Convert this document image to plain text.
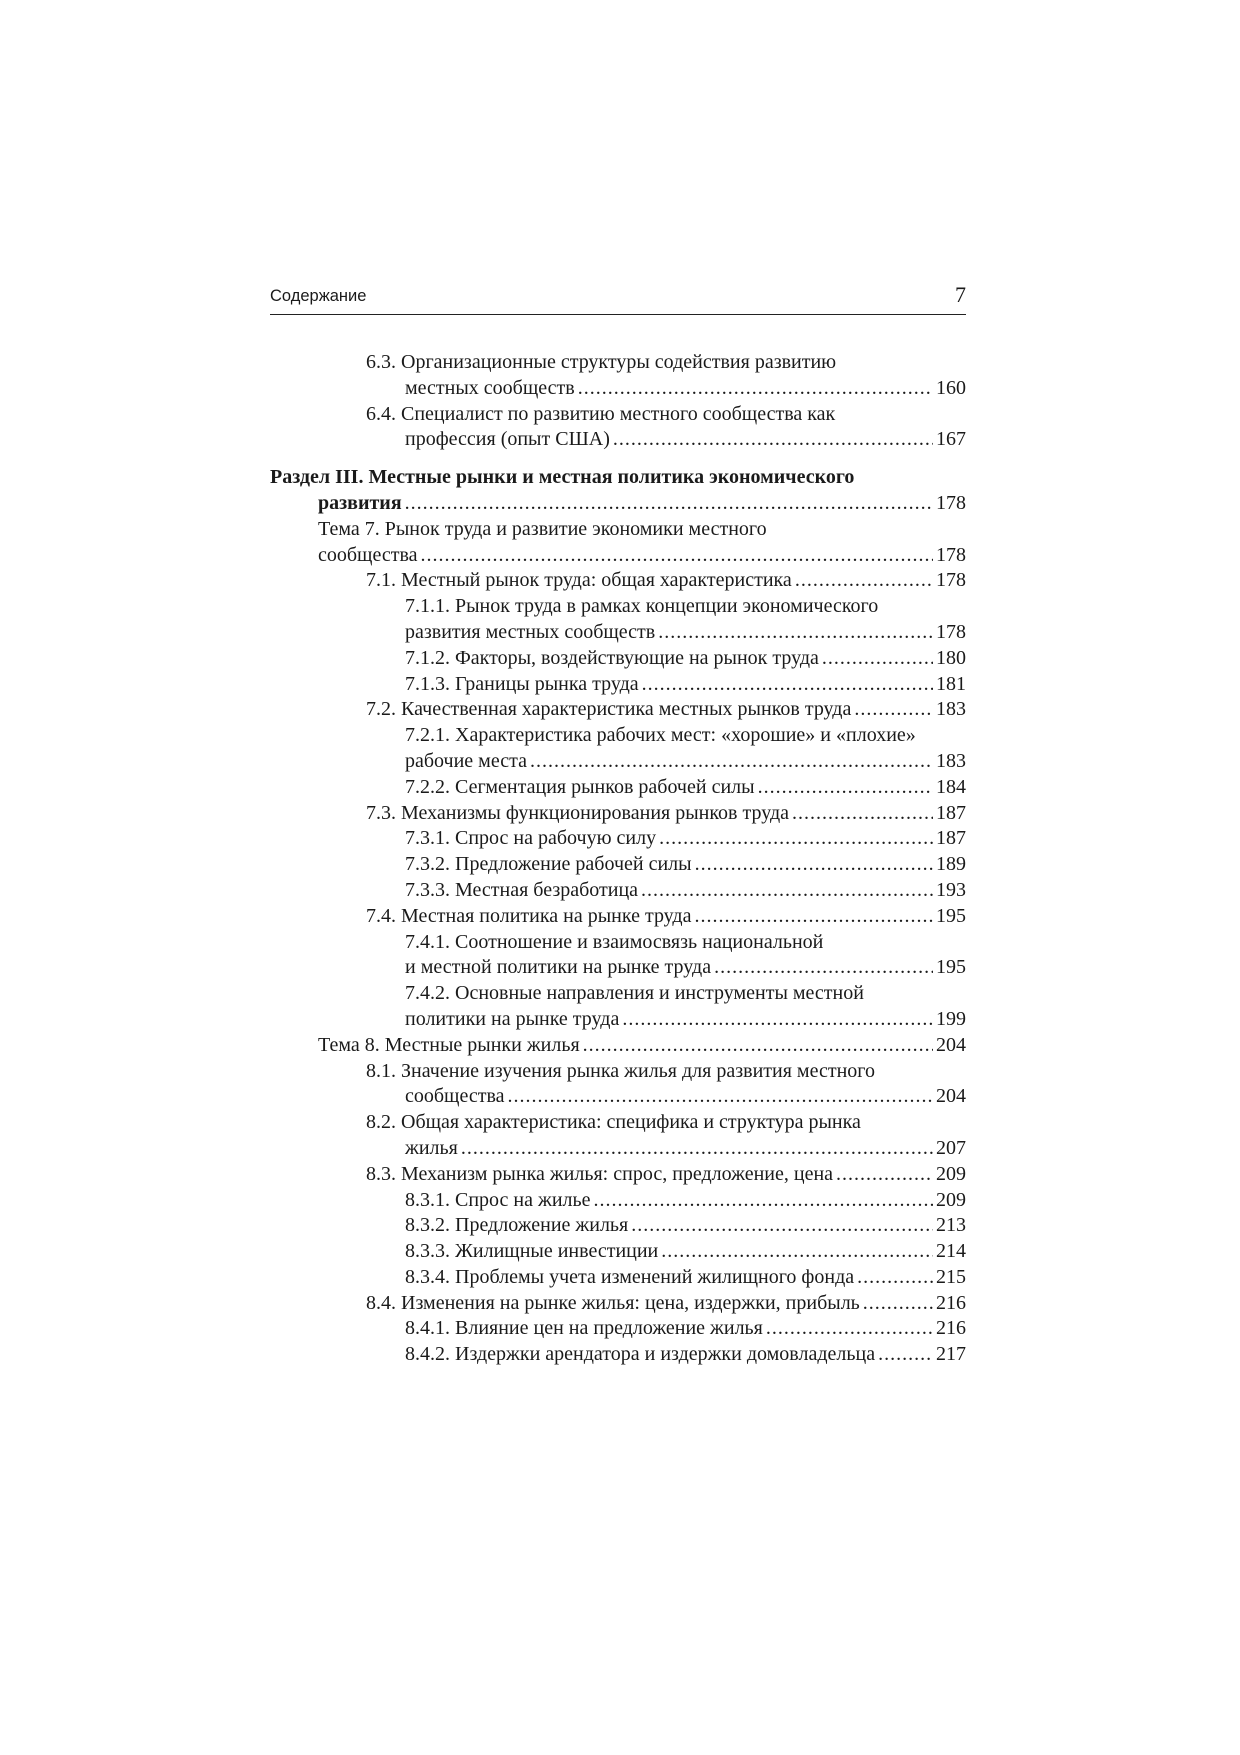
Содержание	7
6.3. Организационные структуры содействия развитию
местных сообществ .....	160
6.4. Специалист по развитию местного сообщества как
профессия (опыт США) .....	167
Раздел III. Местные рынки и местная политика экономического
развития .....	178
Тема 7. Рынок труда и развитие экономики местного
сообщества .....	178
7.1. Местный рынок труда: общая характеристика .....	178
7.1.1. Рынок труда в рамках концепции экономического
развития местных сообществ .....	178
7.1.2. Факторы, воздействующие на рынок труда .....	180
7.1.3. Границы рынка труда .....	181
7.2. Качественная характеристика местных рынков труда .....	183
7.2.1. Характеристика рабочих мест: «хорошие» и «плохие»
рабочие места .....	183
7.2.2. Сегментация рынков рабочей силы .....	184
7.3. Механизмы функционирования рынков труда .....	187
7.3.1. Спрос на рабочую силу .....	187
7.3.2. Предложение рабочей силы .....	189
7.3.3. Местная безработица .....	193
7.4. Местная политика на рынке труда .....	195
7.4.1. Соотношение и взаимосвязь национальной
и местной политики на рынке труда .....	195
7.4.2. Основные направления и инструменты местной
политики на рынке труда .....	199
Тема 8. Местные рынки жилья .....	204
8.1. Значение изучения рынка жилья для развития местного
сообщества .....	204
8.2. Общая характеристика: специфика и структура рынка
жилья .....	207
8.3. Механизм рынка жилья: спрос, предложение, цена .....	209
8.3.1. Спрос на жилье .....	209
8.3.2. Предложение жилья .....	213
8.3.3. Жилищные инвестиции .....	214
8.3.4. Проблемы учета изменений жилищного фонда .....	215
8.4. Изменения на рынке жилья: цена, издержки, прибыль .....	216
8.4.1. Влияние цен на предложение жилья .....	216
8.4.2. Издержки арендатора и издержки домовладельца .....	217
